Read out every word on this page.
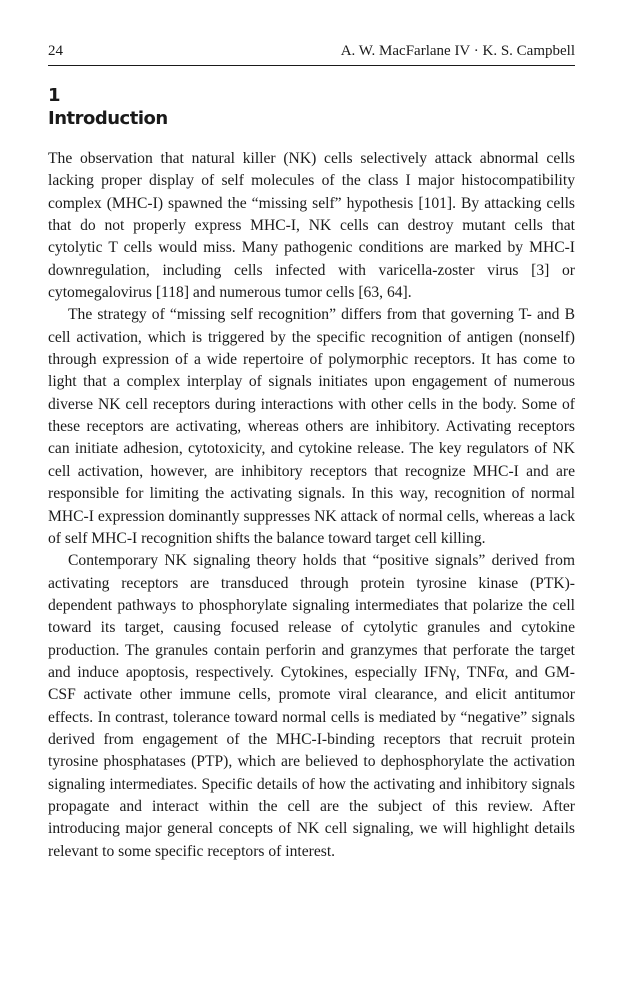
24	A. W. MacFarlane IV · K. S. Campbell
1
Introduction

The observation that natural killer (NK) cells selectively attack abnormal cells lacking proper display of self molecules of the class I major histocompatibility complex (MHC-I) spawned the “missing self” hypothesis [101]. By attacking cells that do not properly express MHC-I, NK cells can destroy mutant cells that cytolytic T cells would miss. Many pathogenic conditions are marked by MHC-I downregulation, including cells infected with varicella-zoster virus [3] or cytomegalovirus [118] and numerous tumor cells [63, 64].

The strategy of “missing self recognition” differs from that governing T- and B cell activation, which is triggered by the specific recognition of antigen (nonself) through expression of a wide repertoire of polymorphic receptors. It has come to light that a complex interplay of signals initiates upon engagement of numerous diverse NK cell receptors during interactions with other cells in the body. Some of these receptors are activating, whereas others are inhibitory. Activating receptors can initiate adhesion, cytotoxicity, and cytokine release. The key regulators of NK cell activation, however, are inhibitory receptors that recognize MHC-I and are responsible for limiting the activating signals. In this way, recognition of normal MHC-I expression dominantly suppresses NK attack of normal cells, whereas a lack of self MHC-I recognition shifts the balance toward target cell killing.

Contemporary NK signaling theory holds that “positive signals” derived from activating receptors are transduced through protein tyrosine kinase (PTK)-dependent pathways to phosphorylate signaling intermediates that polarize the cell toward its target, causing focused release of cytolytic granules and cytokine production. The granules contain perforin and granzymes that perforate the target and induce apoptosis, respectively. Cytokines, especially IFNγ, TNFα, and GM-CSF activate other immune cells, promote viral clearance, and elicit antitumor effects. In contrast, tolerance toward normal cells is mediated by “negative” signals derived from engagement of the MHC-I-binding receptors that recruit protein tyrosine phosphatases (PTP), which are believed to dephosphorylate the activation signaling intermediates. Specific details of how the activating and inhibitory signals propagate and interact within the cell are the subject of this review. After introducing major general concepts of NK cell signaling, we will highlight details relevant to some specific receptors of interest.
